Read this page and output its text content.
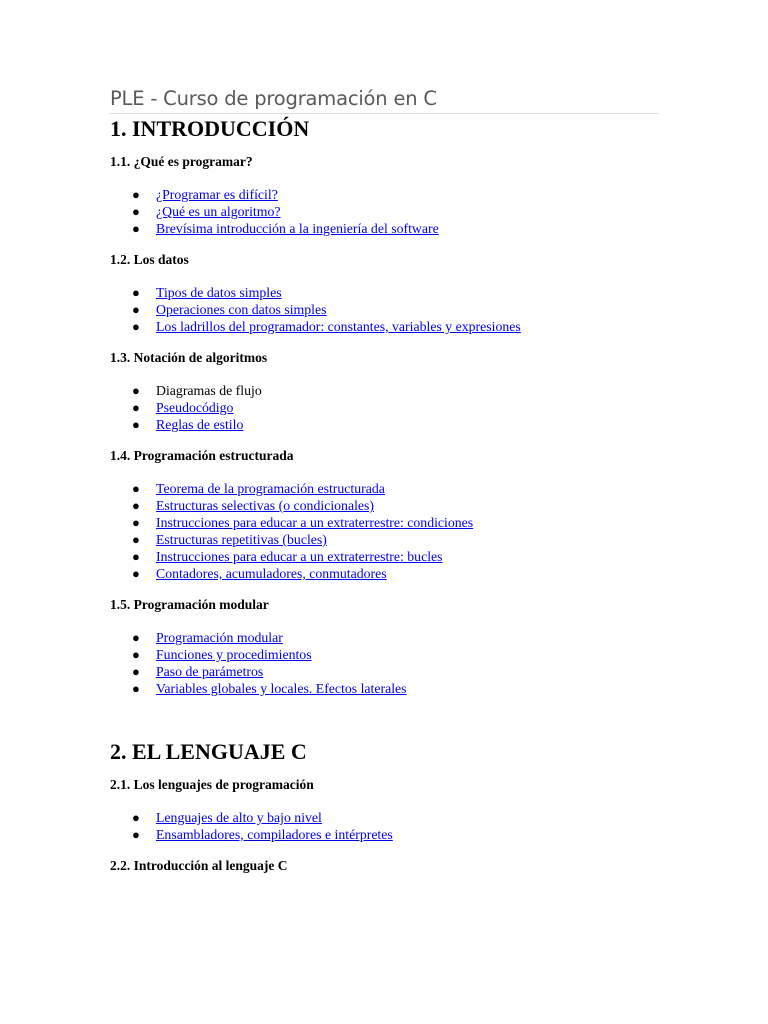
PLE - Curso de programación en C
1. INTRODUCCIÓN
1.1. ¿Qué es programar?
● ¿Programar es difícil?
● ¿Qué es un algoritmo?
● Brevísima introducción a la ingeniería del software
1.2. Los datos
● Tipos de datos simples
● Operaciones con datos simples
● Los ladrillos del programador: constantes, variables y expresiones
1.3. Notación de algoritmos
● Diagramas de flujo
● Pseudocódigo
● Reglas de estilo
1.4. Programación estructurada
● Teorema de la programación estructurada
● Estructuras selectivas (o condicionales)
● Instrucciones para educar a un extraterrestre: condiciones
● Estructuras repetitivas (bucles)
● Instrucciones para educar a un extraterrestre: bucles
● Contadores, acumuladores, conmutadores
1.5. Programación modular
● Programación modular
● Funciones y procedimientos
● Paso de parámetros
● Variables globales y locales. Efectos laterales
2. EL LENGUAJE C
2.1. Los lenguajes de programación
● Lenguajes de alto y bajo nivel
● Ensambladores, compiladores e intérpretes
2.2. Introducción al lenguaje C
